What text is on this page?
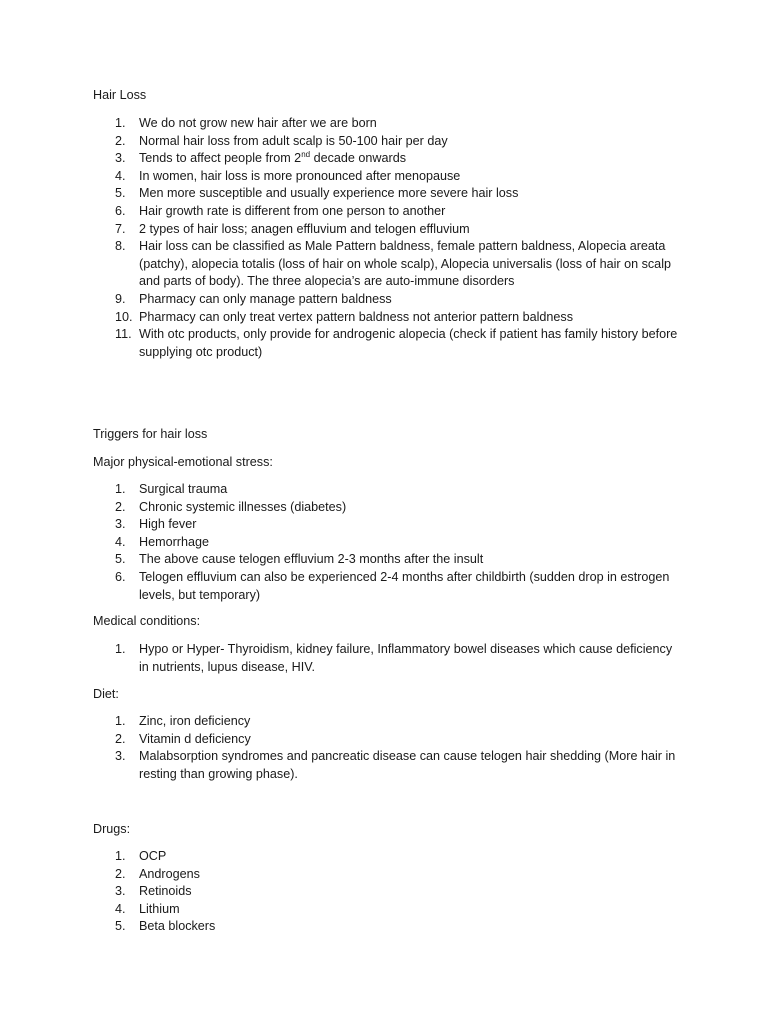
Hair Loss
1. We do not grow new hair after we are born
2. Normal hair loss from adult scalp is 50-100 hair per day
3. Tends to affect people from 2nd decade onwards
4. In women, hair loss is more pronounced after menopause
5. Men more susceptible and usually experience more severe hair loss
6. Hair growth rate is different from one person to another
7. 2 types of hair loss; anagen effluvium and telogen effluvium
8. Hair loss can be classified as Male Pattern baldness, female pattern baldness, Alopecia areata (patchy), alopecia totalis (loss of hair on whole scalp), Alopecia universalis (loss of hair on scalp and parts of body). The three alopecia’s are auto-immune disorders
9. Pharmacy can only manage pattern baldness
10. Pharmacy can only treat vertex pattern baldness not anterior pattern baldness
11. With otc products, only provide for androgenic alopecia (check if patient has family history before supplying otc product)
Triggers for hair loss
Major physical-emotional stress:
1. Surgical trauma
2. Chronic systemic illnesses (diabetes)
3. High fever
4. Hemorrhage
5. The above cause telogen effluvium 2-3 months after the insult
6. Telogen effluvium can also be experienced 2-4 months after childbirth (sudden drop in estrogen levels, but temporary)
Medical conditions:
1. Hypo or Hyper- Thyroidism, kidney failure, Inflammatory bowel diseases which cause deficiency in nutrients, lupus disease, HIV.
Diet:
1. Zinc, iron deficiency
2. Vitamin d deficiency
3. Malabsorption syndromes and pancreatic disease can cause telogen hair shedding (More hair in resting than growing phase).
Drugs:
1. OCP
2. Androgens
3. Retinoids
4. Lithium
5. Beta blockers
